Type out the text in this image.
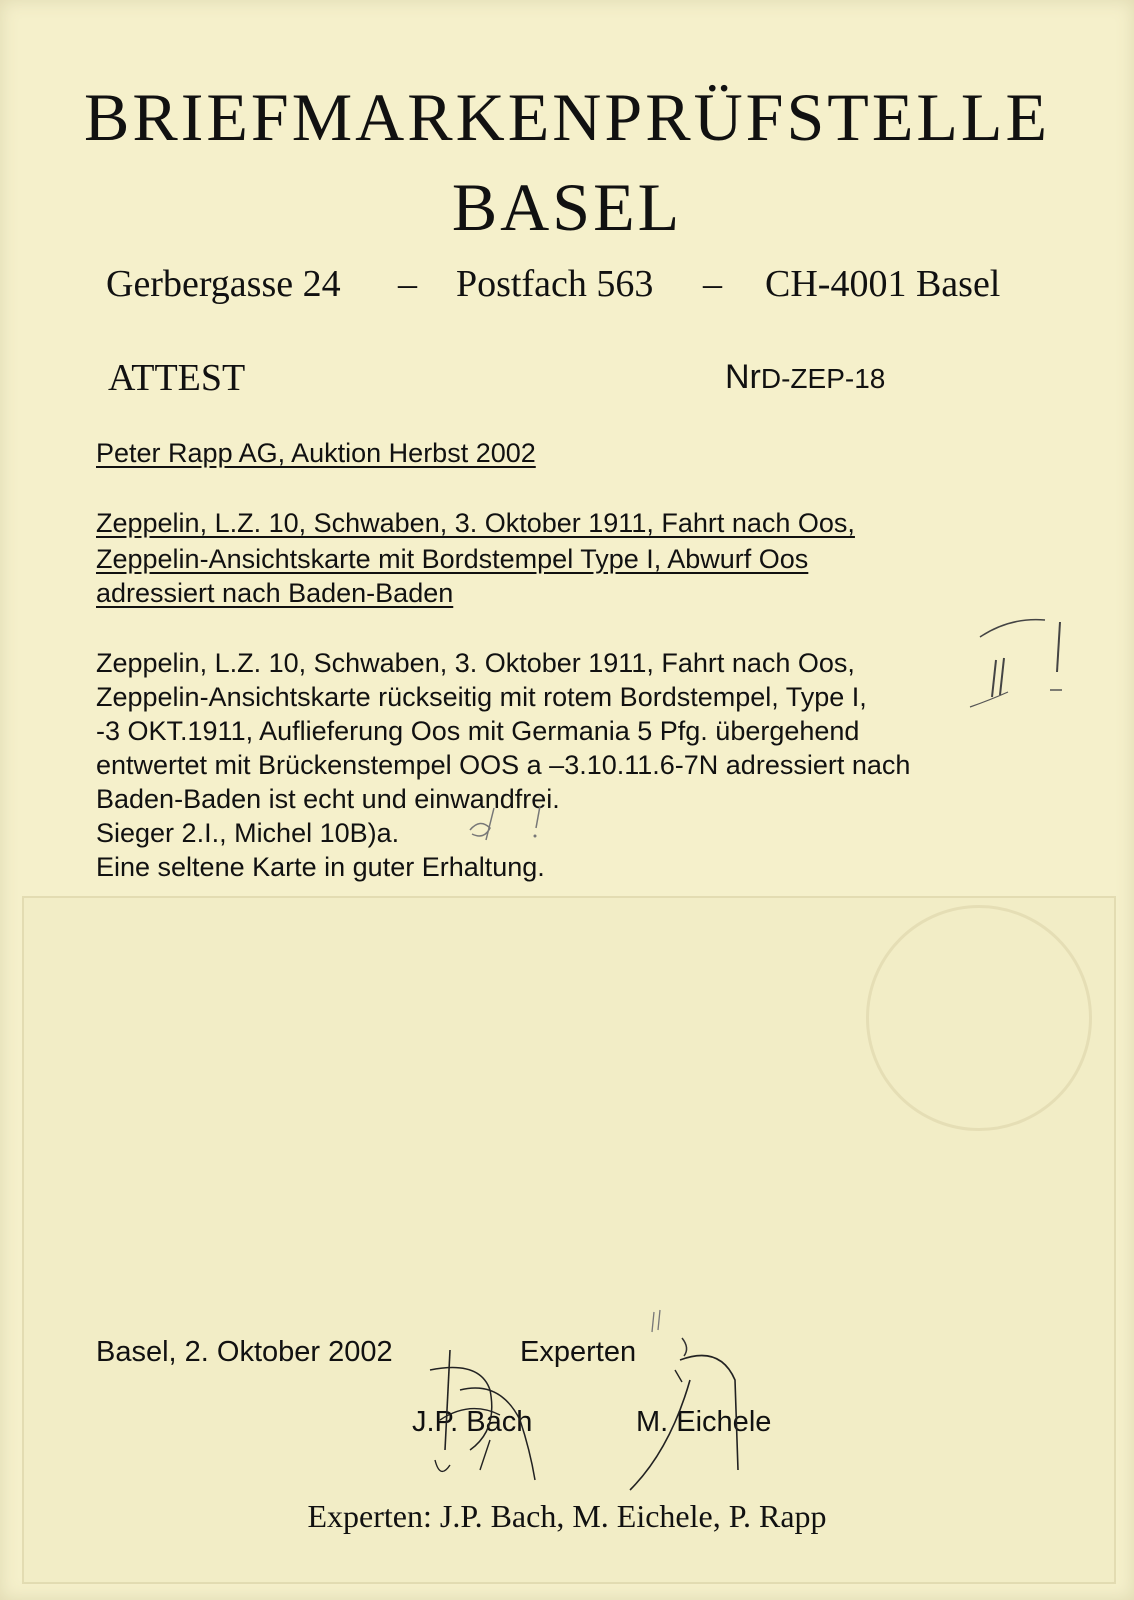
BRIEFMARKENPRÜFSTELLE
BASEL
Gerbergasse 24 – Postfach 563 – CH-4001 Basel
ATTEST	NrD-ZEP-18
Peter Rapp AG, Auktion Herbst 2002
Zeppelin, L.Z. 10, Schwaben, 3. Oktober 1911, Fahrt nach Oos,
Zeppelin-Ansichtskarte mit Bordstempel Type I, Abwurf Oos
adressiert nach Baden-Baden
Zeppelin, L.Z. 10, Schwaben, 3. Oktober 1911, Fahrt nach Oos,
Zeppelin-Ansichtskarte rückseitig mit rotem Bordstempel, Type I,
-3 OKT.1911, Auflieferung Oos mit Germania 5 Pfg. übergehend
entwertet mit Brückenstempel OOS a –3.10.11.6-7N adressiert nach
Baden-Baden ist echt und einwandfrei.
Sieger 2.I., Michel 10B)a.
Eine seltene Karte in guter Erhaltung.
Basel, 2. Oktober 2002	Experten
J.P. Bach	M. Eichele
Experten: J.P. Bach, M. Eichele, P. Rapp
